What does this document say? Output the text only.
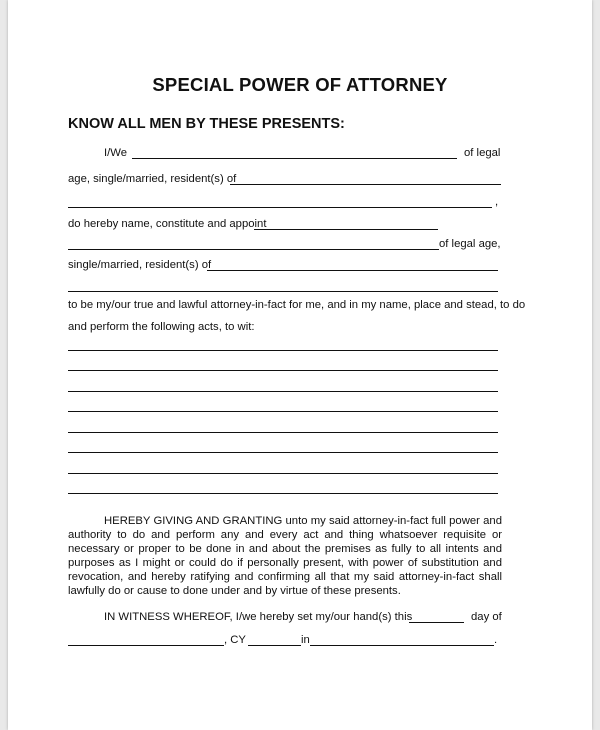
SPECIAL POWER OF ATTORNEY
KNOW ALL MEN BY THESE PRESENTS:
I/We	of legal
age, single/married, resident(s) of
,
do hereby name, constitute and appoint
of legal age,
single/married, resident(s) of
to be my/our true and lawful attorney-in-fact for me, and in my name, place and stead, to do
and perform the following acts, to wit:
HEREBY GIVING AND GRANTING unto my said attorney-in-fact full power and authority to do and perform any and every act and thing whatsoever requisite or necessary or proper to be done in and about the premises as fully to all intents and purposes as I might or could do if personally present, with power of substitution and revocation, and hereby ratifying and confirming all that my said attorney-in-fact shall lawfully do or cause to done under and by virtue of these presents.
IN WITNESS WHEREOF, I/we hereby set my/our hand(s) this	day of
, CY	in	.
